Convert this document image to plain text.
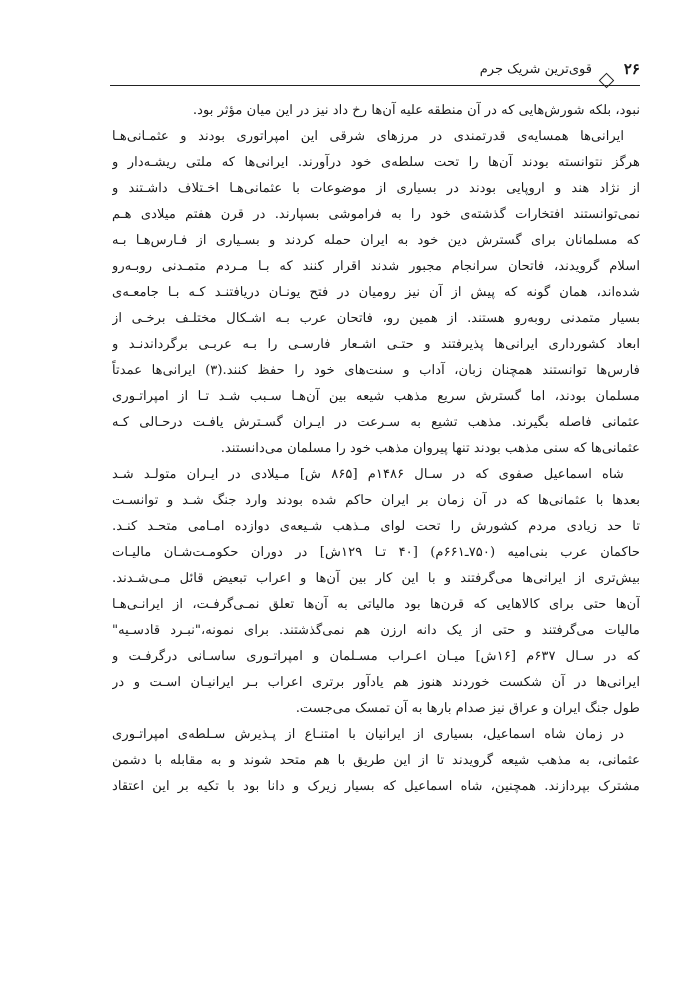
۲۶
قوی‌ترین شریک جرم
نبود، بلکه شورش‌هایی که در آن منطقه علیه آن‌ها رخ داد نیز در این میان مؤثر بود.
ایرانی‌ها همسایه‌ی قدرتمندی در مرزهای شرقی این امپراتوری بودند و عثمـانی‌هـا
هرگز نتوانسته بودند آن‌ها را تحت سلطه‌ی خود درآورند. ایرانی‌ها که ملتی ریشـه‌دار و
از نژاد هند و اروپایی بودند در بسیاری از موضوعات با عثمانی‌هـا اخـتلاف داشـتند و
نمی‌توانستند افتخارات گذشته‌ی خود را به فراموشی بسپارند. در قرن هفتم میلادی هـم
که مسلمانان برای گسترش دین خود به ایران حمله کردند و بسـیاری از فـارس‌هـا بـه
اسلام گرویدند، فاتحان سرانجام مجبور شدند اقرار کنند که بـا مـردم متمـدنی روبـه‌رو
شده‌اند، همان گونه که پیش از آن نیز رومیان در فتح یونـان دریافتنـد کـه بـا جامعـه‌ی
بسیار متمدنی روبه‌رو هستند. از همین رو، فاتحان عرب بـه اشـکال مختلـف برخـی از
ابعاد کشورداری ایرانی‌ها پذیرفتند و حتـی اشـعار فارسـی را بـه عربـی برگرداندنـد و
فارس‌ها توانستند همچنان زبان، آداب و سنت‌های خود را حفظ کنند.(۳) ایرانی‌ها عمدتاً
مسلمان بودند، اما گسترش سریع مذهب شیعه بین آن‌هـا سـبب شـد تـا از امپراتـوری
عثمانی فاصله بگیرند. مذهب تشیع به سـرعت در ایـران گسـترش یافـت درحـالی کـه
عثمانی‌ها که سنی مذهب بودند تنها پیروان مذهب خود را مسلمان می‌دانستند.
شاه اسماعیل صفوی که در سـال ۱۴۸۶م [۸۶۵ ش] مـیلادی در ایـران متولـد شـد
بعدها با عثمانی‌ها که در آن زمان بر ایران حاکم شده بودند وارد جنگ شـد و توانسـت
تا حد زیادی مردم کشورش را تحت لوای مـذهب شـیعه‌ی دوازده امـامی متحـد کنـد.
حاکمان عرب بنی‌امیه (۷۵۰ـ۶۶۱م) [۴۰ تـا ۱۲۹ش] در دوران حکومـت‌شـان مالیـات
بیش‌تری از ایرانی‌ها می‌گرفتند و با این کار بین آن‌ها و اعراب تبعیض قائل مـی‌شـدند.
آن‌ها حتی برای کالاهایی که قرن‌ها بود مالیاتی به آن‌ها تعلق نمـی‌گرفـت، از ایرانـی‌هـا
مالیات می‌گرفتند و حتی از یک دانه ارزن هم نمی‌گذشتند. برای نمونه،"نبـرد قادسـیه"
که در سـال ۶۳۷م [۱۶ش] میـان اعـراب مسـلمان و امپراتـوری ساسـانی درگرفـت و
ایرانی‌ها در آن شکست خوردند هنوز هم یادآور برتری اعراب بـر ایرانیـان اسـت و در
طول جنگ ایران و عراق نیز صدام بارها به آن تمسک می‌جست.
در زمان شاه اسماعیل، بسیاری از ایرانیان با امتنـاع از پـذیرش سـلطه‌ی امپراتـوری
عثمانی، به مذهب شیعه گرویدند تا از این طریق با هم متحد شوند و به مقابله با دشمن
مشترک بپردازند. همچنین، شاه اسماعیل که بسیار زیرک و دانا بود با تکیه بر این اعتقاد
